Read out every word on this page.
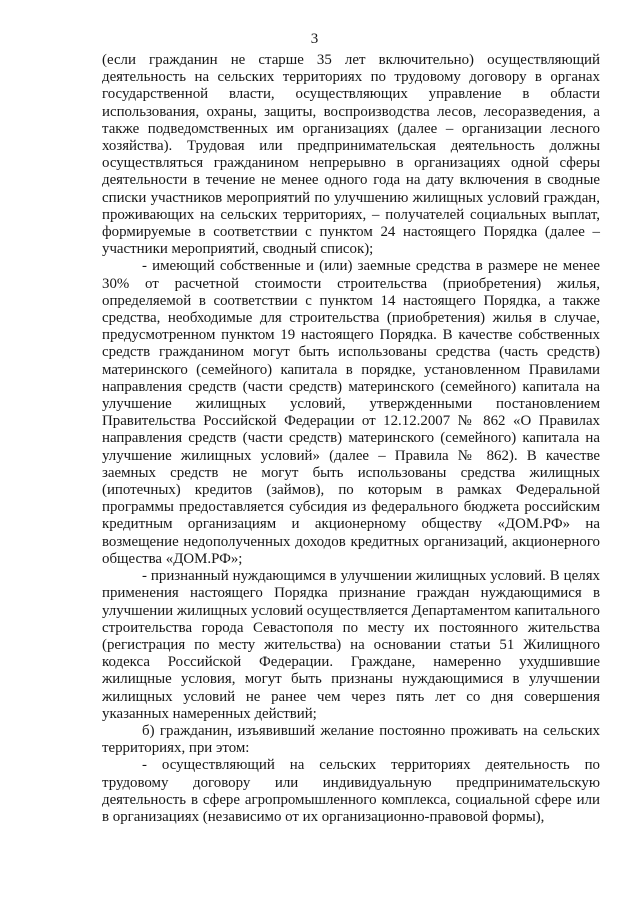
3

(если гражданин не старше 35 лет включительно) осуществляющий деятельность на сельских территориях по трудовому договору в органах государственной власти, осуществляющих управление в области использования, охраны, защиты, воспроизводства лесов, лесоразведения, а также подведомственных им организациях (далее – организации лесного хозяйства). Трудовая или предпринимательская деятельность должны осуществляться гражданином непрерывно в организациях одной сферы деятельности в течение не менее одного года на дату включения в сводные списки участников мероприятий по улучшению жилищных условий граждан, проживающих на сельских территориях, – получателей социальных выплат, формируемые в соответствии с пунктом 24 настоящего Порядка (далее – участники мероприятий, сводный список);

- имеющий собственные и (или) заемные средства в размере не менее 30% от расчетной стоимости строительства (приобретения) жилья, определяемой в соответствии с пунктом 14 настоящего Порядка, а также средства, необходимые для строительства (приобретения) жилья в случае, предусмотренном пунктом 19 настоящего Порядка. В качестве собственных средств гражданином могут быть использованы средства (часть средств) материнского (семейного) капитала в порядке, установленном Правилами направления средств (части средств) материнского (семейного) капитала на улучшение жилищных условий, утвержденными постановлением Правительства Российской Федерации от 12.12.2007 № 862 «О Правилах направления средств (части средств) материнского (семейного) капитала на улучшение жилищных условий» (далее – Правила № 862). В качестве заемных средств не могут быть использованы средства жилищных (ипотечных) кредитов (займов), по которым в рамках Федеральной программы предоставляется субсидия из федерального бюджета российским кредитным организациям и акционерному обществу «ДОМ.РФ» на возмещение недополученных доходов кредитных организаций, акционерного общества «ДОМ.РФ»;

- признанный нуждающимся в улучшении жилищных условий. В целях применения настоящего Порядка признание граждан нуждающимися в улучшении жилищных условий осуществляется Департаментом капитального строительства города Севастополя по месту их постоянного жительства (регистрация по месту жительства) на основании статьи 51 Жилищного кодекса Российской Федерации. Граждане, намеренно ухудшившие жилищные условия, могут быть признаны нуждающимися в улучшении жилищных условий не ранее чем через пять лет со дня совершения указанных намеренных действий;

б) гражданин, изъявивший желание постоянно проживать на сельских территориях, при этом:

- осуществляющий на сельских территориях деятельность по трудовому договору или индивидуальную предпринимательскую деятельность в сфере агропромышленного комплекса, социальной сфере или в организациях (независимо от их организационно-правовой формы),
